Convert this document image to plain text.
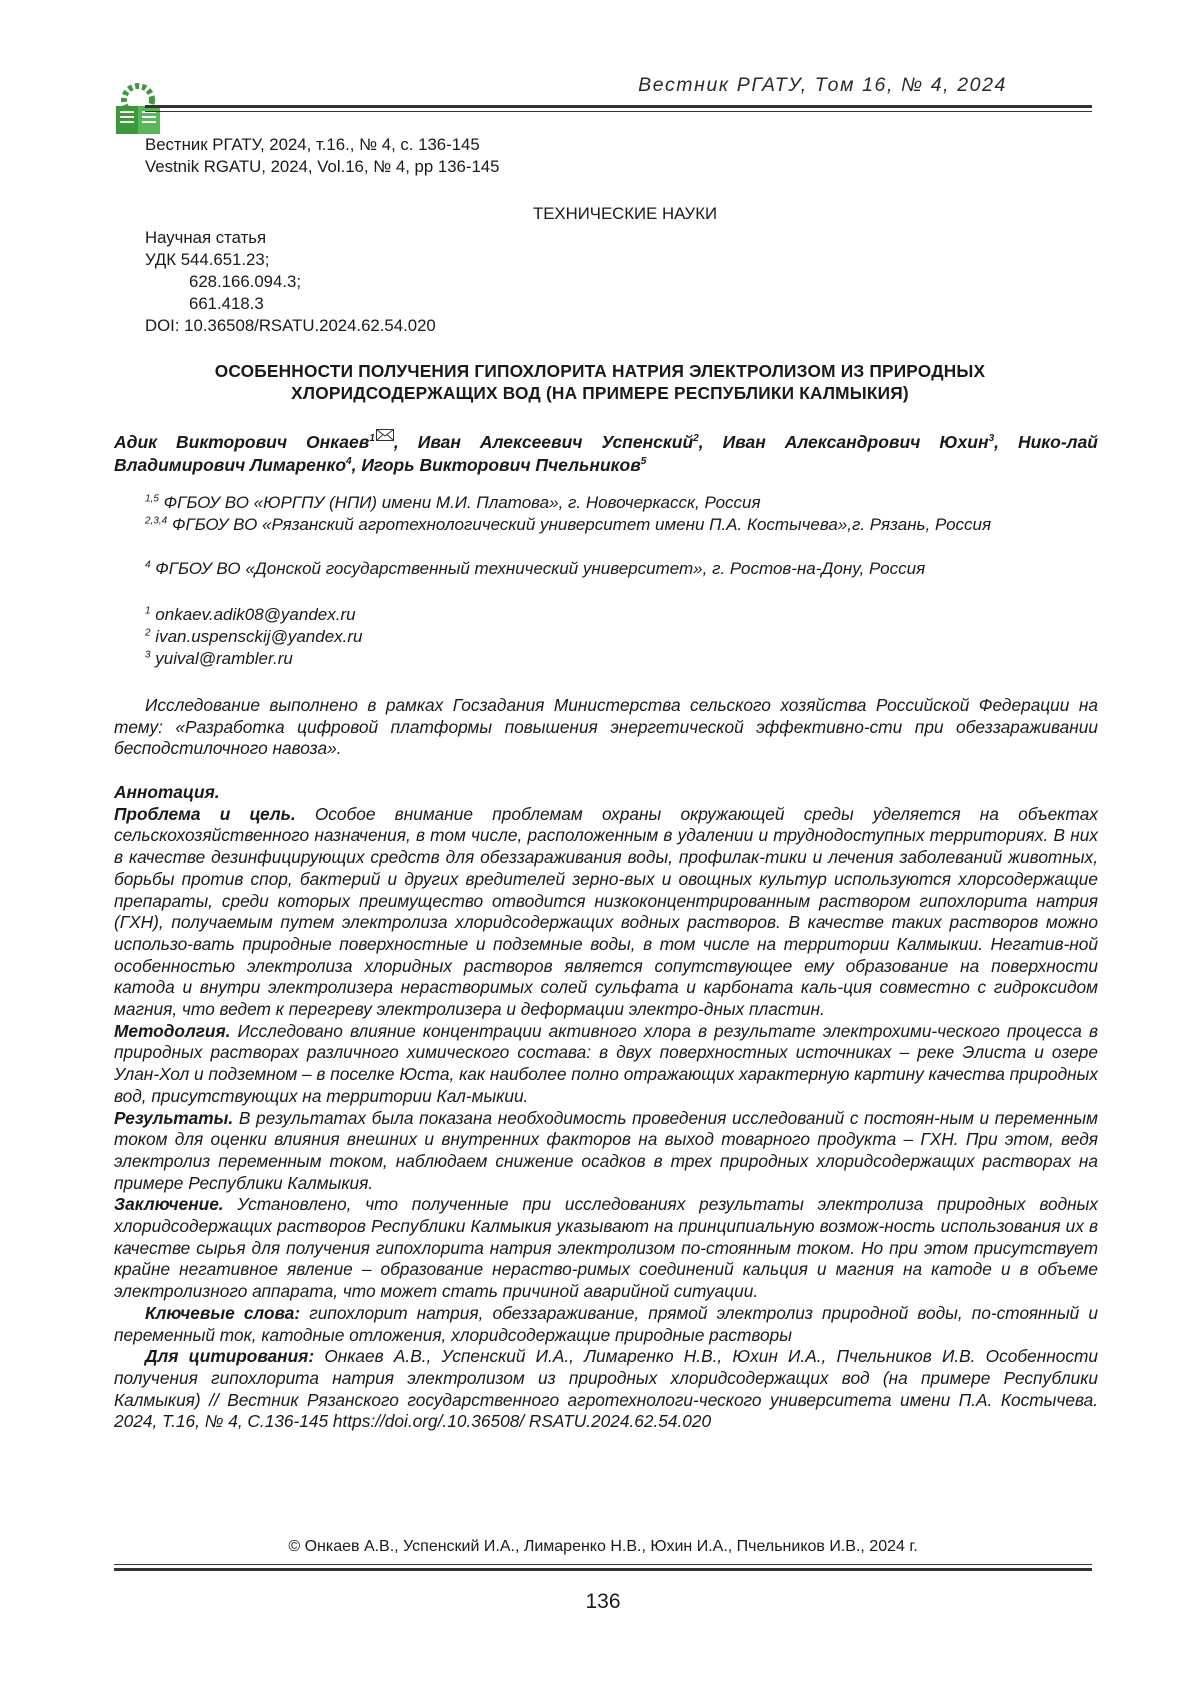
Вестник РГАТУ, Том 16, № 4, 2024
Вестник РГАТУ, 2024, т.16., № 4, с. 136-145
Vestnik RGATU, 2024, Vol.16, № 4, pp 136-145
ТЕХНИЧЕСКИЕ НАУКИ
Научная статья
УДК 544.651.23;
628.166.094.3;
661.418.3
DOI: 10.36508/RSATU.2024.62.54.020
ОСОБЕННОСТИ ПОЛУЧЕНИЯ ГИПОХЛОРИТА НАТРИЯ ЭЛЕКТРОЛИЗОМ ИЗ ПРИРОДНЫХ
ХЛОРИДСОДЕРЖАЩИХ ВОД (НА ПРИМЕРЕ РЕСПУБЛИКИ КАЛМЫКИЯ)
Адик Викторович Онкаев$^1$ , Иван Алексеевич Успенский$^2$, Иван Александрович Юхин$^3$, Нико-лай Владимирович Лимаренко$^4$, Игорь Викторович Пчельников$^5$
$^{1,5}$ ФГБОУ ВО «ЮРГПУ (НПИ) имени М.И. Платова», г. Новочеркасск, Россия
$^{2,3,4}$ ФГБОУ ВО «Рязанский агротехнологический университет имени П.А. Костычева»,г. Рязань, Россия
$^4$ ФГБОУ ВО «Донской государственный технический университет», г. Ростов-на-Дону, Россия
$^1$ onkaev.adik08@yandex.ru
$^2$ ivan.uspensckij@yandex.ru
$^3$ yuival@rambler.ru
Исследование выполнено в рамках Госзадания Министерства сельского хозяйства Российской Федерации на тему: «Разработка цифровой платформы повышения энергетической эффективно-сти при обеззараживании бесподстилочного навоза».
Аннотация.
Проблема и цель. Особое внимание проблемам охраны окружающей среды уделяется на объектах сельскохозяйственного назначения, в том числе, расположенным в удалении и труднодоступных территориях. В них в качестве дезинфицирующих средств для обеззараживания воды, профилак-тики и лечения заболеваний животных, борьбы против спор, бактерий и других вредителей зерно-вых и овощных культур используются хлорсодержащие препараты, среди которых преимущество отводится низкоконцентрированным раствором гипохлорита натрия (ГХН), получаемым путем электролиза хлоридсодержащих водных растворов. В качестве таких растворов можно использо-вать природные поверхностные и подземные воды, в том числе на территории Калмыкии. Негатив-ной особенностью электролиза хлоридных растворов является сопутствующее ему образование на поверхности катода и внутри электролизера нерастворимых солей сульфата и карбоната каль-ция совместно с гидроксидом магния, что ведет к перегреву электролизера и деформации электро-дных пластин.
Методолгия. Исследовано влияние концентрации активного хлора в результате электрохими-ческого процесса в природных растворах различного химического состава: в двух поверхностных источниках – реке Элиста и озере Улан-Хол и подземном – в поселке Юста, как наиболее полно отражающих характерную картину качества природных вод, присутствующих на территории Кал-мыкии.
Результаты. В результатах была показана необходимость проведения исследований с постоян-ным и переменным током для оценки влияния внешних и внутренних факторов на выход товарного продукта – ГХН. При этом, ведя электролиз переменным током, наблюдаем снижение осадков в трех природных хлоридсодержащих растворах на примере Республики Калмыкия.
Заключение. Установлено, что полученные при исследованиях результаты электролиза природных водных хлоридсодержащих растворов Республики Калмыкия указывают на принципиальную возмож-ность использования их в качестве сырья для получения гипохлорита натрия электролизом по-стоянным током. Но при этом присутствует крайне негативное явление – образование нераство-римых соединений кальция и магния на катоде и в объеме электролизного аппарата, что может стать причиной аварийной ситуации.
Ключевые слова: гипохлорит натрия, обеззараживание, прямой электролиз природной воды, по-стоянный и переменный ток, катодные отложения, хлоридсодержащие природные растворы
Для цитирования: Онкаев А.В., Успенский И.А., Лимаренко Н.В., Юхин И.А., Пчельников И.В. Особенности получения гипохлорита натрия электролизом из природных хлоридсодержащих вод (на примере Республики Калмыкия) // Вестник Рязанского государственного агротехнологи-ческого университета имени П.А. Костычева. 2024, Т.16, № 4, С.136-145 https://doi.org/.10.36508/ RSATU.2024.62.54.020
© Онкаев А.В., Успенский И.А., Лимаренко Н.В., Юхин И.А., Пчельников И.В., 2024 г.
136
